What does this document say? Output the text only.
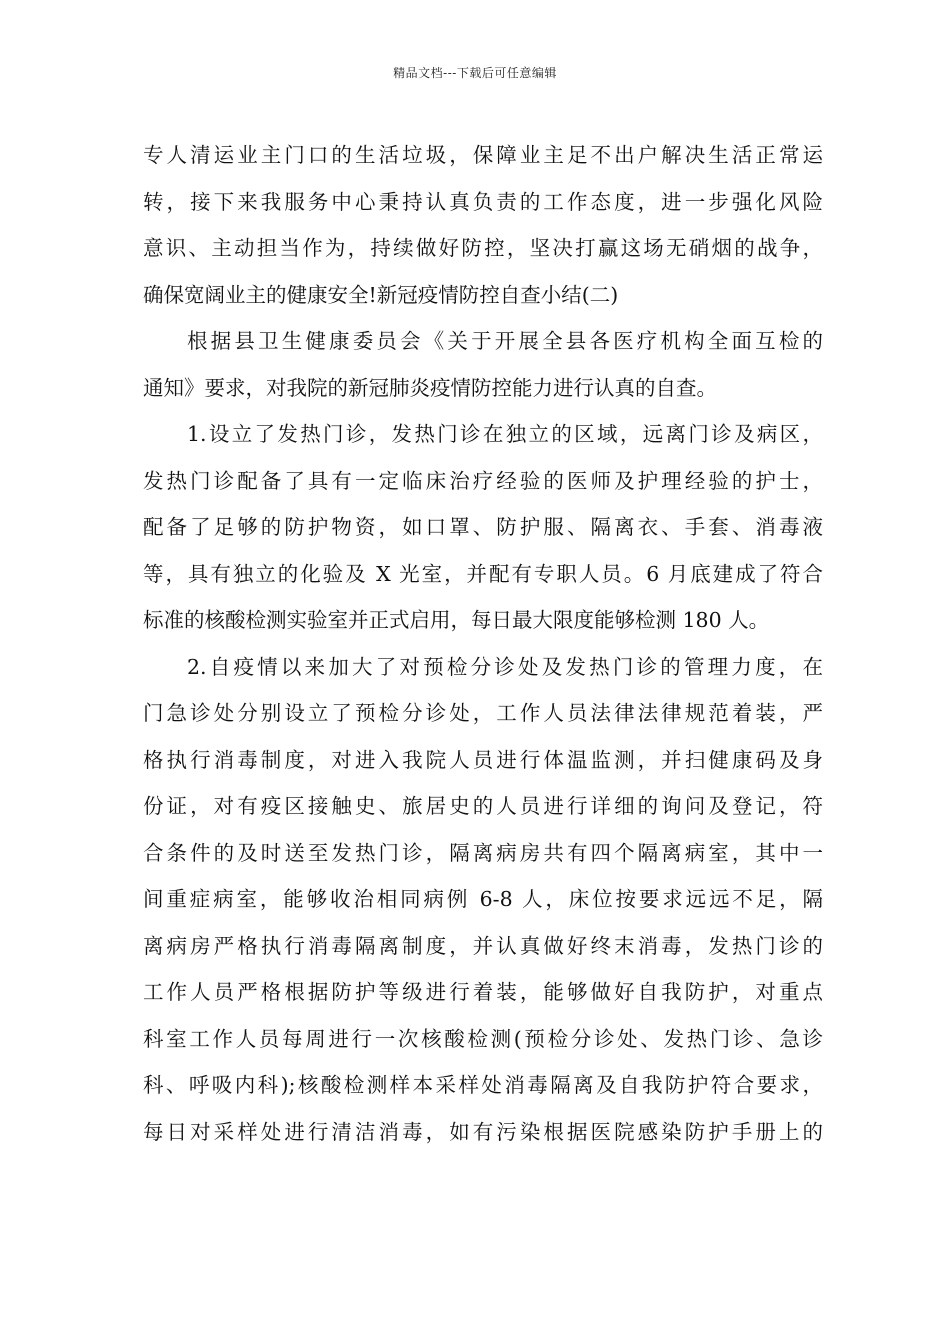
精品文档---下载后可任意编辑
专人清运业主门口的生活垃圾，保障业主足不出户解决生活正常运
转，接下来我服务中心秉持认真负责的工作态度，进一步强化风险
意识、主动担当作为，持续做好防控，坚决打赢这场无硝烟的战争，
确保宽阔业主的健康安全!新冠疫情防控自查小结(二)
根据县卫生健康委员会《关于开展全县各医疗机构全面互检的
通知》要求，对我院的新冠肺炎疫情防控能力进行认真的自查。
1.设立了发热门诊，发热门诊在独立的区域，远离门诊及病区，
发热门诊配备了具有一定临床治疗经验的医师及护理经验的护士，
配备了足够的防护物资，如口罩、防护服、隔离衣、手套、消毒液
等，具有独立的化验及 X 光室，并配有专职人员。6 月底建成了符合
标准的核酸检测实验室并正式启用，每日最大限度能够检测 180 人。
2.自疫情以来加大了对预检分诊处及发热门诊的管理力度，在
门急诊处分别设立了预检分诊处，工作人员法律法律规范着装，严
格执行消毒制度，对进入我院人员进行体温监测，并扫健康码及身
份证，对有疫区接触史、旅居史的人员进行详细的询问及登记，符
合条件的及时送至发热门诊，隔离病房共有四个隔离病室，其中一
间重症病室，能够收治相同病例 6-8 人，床位按要求远远不足，隔
离病房严格执行消毒隔离制度，并认真做好终末消毒，发热门诊的
工作人员严格根据防护等级进行着装，能够做好自我防护，对重点
科室工作人员每周进行一次核酸检测(预检分诊处、发热门诊、急诊
科、呼吸内科);核酸检测样本采样处消毒隔离及自我防护符合要求，
每日对采样处进行清洁消毒，如有污染根据医院感染防护手册上的
